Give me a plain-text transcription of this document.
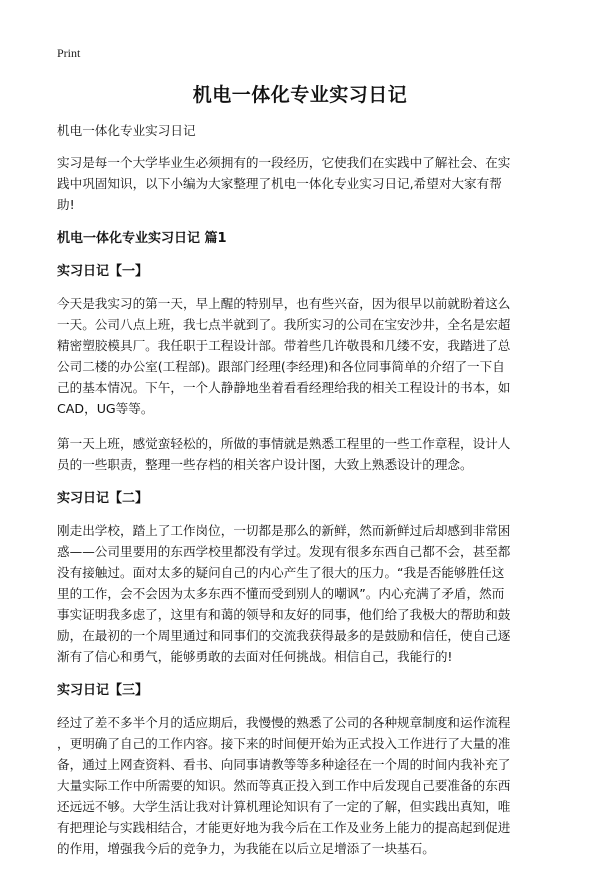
Print
机电一体化专业实习日记

机电一体化专业实习日记

实习是每一个大学毕业生必须拥有的一段经历，它使我们在实践中了解社会、在实
践中巩固知识，以下小编为大家整理了机电一体化专业实习日记,希望对大家有帮
助!

机电一体化专业实习日记 篇1
实习日记【一】

今天是我实习的第一天，早上醒的特别早，也有些兴奋，因为很早以前就盼着这么
一天。公司八点上班，我七点半就到了。我所实习的公司在宝安沙井，全名是宏超
精密塑胶模具厂。我任职于工程设计部。带着些几许敬畏和几缕不安，我踏进了总
公司二楼的办公室(工程部)。跟部门经理(李经理)和各位同事简单的介绍了一下自
己的基本情况。下午，一个人静静地坐着看看经理给我的相关工程设计的书本，如
CAD，UG等等。

第一天上班，感觉蛮轻松的，所做的事情就是熟悉工程里的一些工作章程，设计人
员的一些职责，整理一些存档的相关客户设计图，大致上熟悉设计的理念。

实习日记【二】

刚走出学校，踏上了工作岗位，一切都是那么的新鲜，然而新鲜过后却感到非常困
惑——公司里要用的东西学校里都没有学过。发现有很多东西自己都不会，甚至都
没有接触过。面对太多的疑问自己的内心产生了很大的压力。“我是否能够胜任这
里的工作，会不会因为太多东西不懂而受到别人的嘲讽”。内心充满了矛盾，然而
事实证明我多虑了，这里有和蔼的领导和友好的同事，他们给了我极大的帮助和鼓
励，在最初的一个周里通过和同事们的交流我获得最多的是鼓励和信任，使自己逐
渐有了信心和勇气，能够勇敢的去面对任何挑战。相信自己，我能行的!

实习日记【三】

经过了差不多半个月的适应期后，我慢慢的熟悉了公司的各种规章制度和运作流程
，更明确了自己的工作内容。接下来的时间便开始为正式投入工作进行了大量的准
备，通过上网查资料、看书、向同事请教等等多种途径在一个周的时间内我补充了
大量实际工作中所需要的知识。然而等真正投入到工作中后发现自己要准备的东西
还远远不够。大学生活让我对计算机理论知识有了一定的了解，但实践出真知，唯
有把理论与实践相结合，才能更好地为我今后在工作及业务上能力的提高起到促进
的作用，增强我今后的竞争力，为我能在以后立足增添了一块基石。
